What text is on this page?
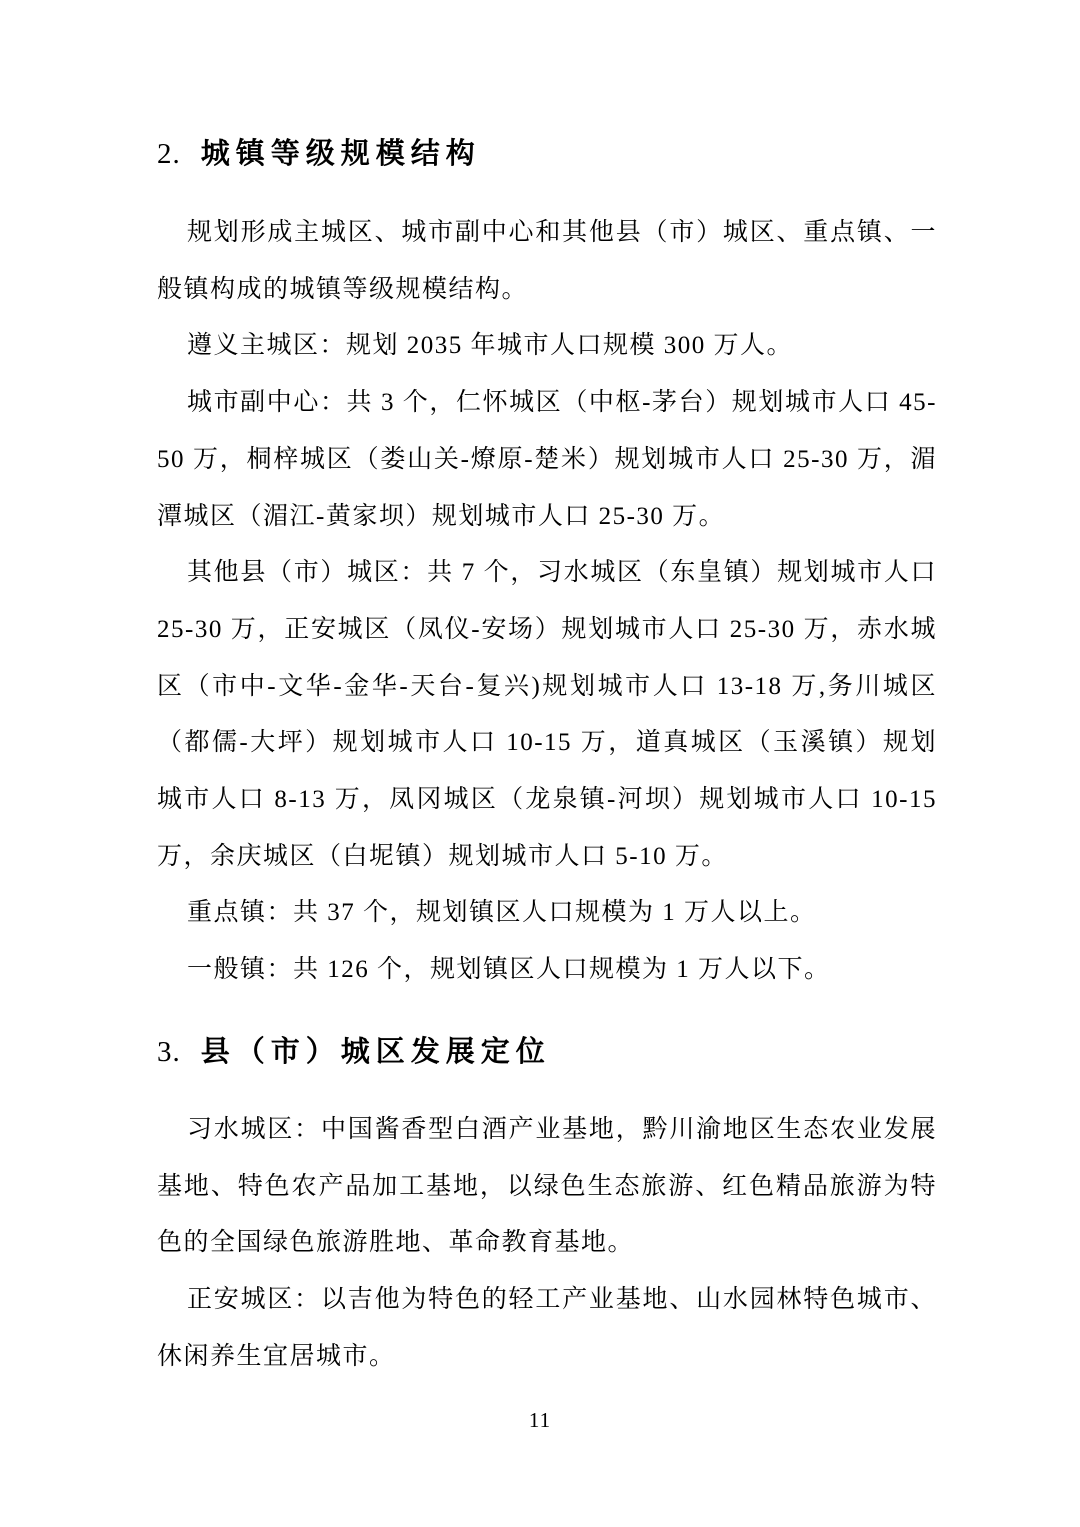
2. 城镇等级规模结构

规划形成主城区、城市副中心和其他县（市）城区、重点镇、一般镇构成的城镇等级规模结构。

遵义主城区：规划 2035 年城市人口规模 300 万人。

城市副中心：共 3 个，仁怀城区（中枢-茅台）规划城市人口 45-50 万，桐梓城区（娄山关-燎原-楚米）规划城市人口 25-30 万，湄潭城区（湄江-黄家坝）规划城市人口 25-30 万。

其他县（市）城区：共 7 个，习水城区（东皇镇）规划城市人口 25-30 万，正安城区（凤仪-安场）规划城市人口 25-30 万，赤水城区（市中-文华-金华-天台-复兴)规划城市人口 13-18 万,务川城区（都儒-大坪）规划城市人口 10-15 万，道真城区（玉溪镇）规划城市人口 8-13 万，凤冈城区（龙泉镇-河坝）规划城市人口 10-15 万，余庆城区（白坭镇）规划城市人口 5-10 万。

重点镇：共 37 个，规划镇区人口规模为 1 万人以上。

一般镇：共 126 个，规划镇区人口规模为 1 万人以下。

3. 县（市）城区发展定位

习水城区：中国酱香型白酒产业基地，黔川渝地区生态农业发展基地、特色农产品加工基地，以绿色生态旅游、红色精品旅游为特色的全国绿色旅游胜地、革命教育基地。

正安城区：以吉他为特色的轻工产业基地、山水园林特色城市、休闲养生宜居城市。

11
